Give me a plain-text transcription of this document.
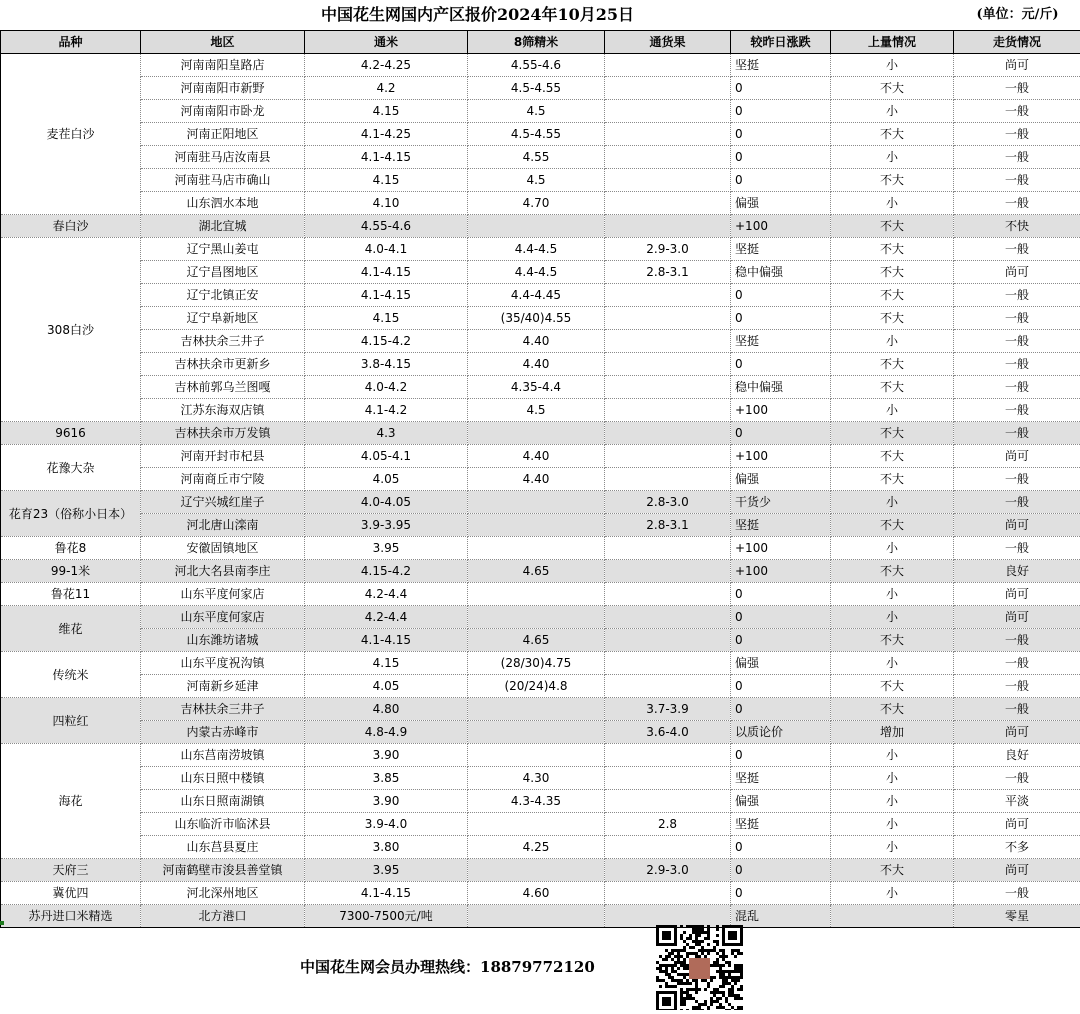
中国花生网国内产区报价2024年10月25日	(单位：元/斤)
品种	地区	通米	8筛精米	通货果	较昨日涨跌	上量情况	走货情况
麦茬白沙	河南南阳皇路店	4.2-4.25	4.55-4.6		坚挺	小	尚可
	河南南阳市新野	4.2	4.5-4.55		0	不大	一般
	河南南阳市卧龙	4.15	4.5		0	小	一般
	河南正阳地区	4.1-4.25	4.5-4.55		0	不大	一般
	河南驻马店汝南县	4.1-4.15	4.55		0	小	一般
	河南驻马店市确山	4.15	4.5		0	不大	一般
	山东泗水本地	4.10	4.70		偏强	小	一般
春白沙	湖北宜城	4.55-4.6			+100	不大	不快
308白沙	辽宁黑山姜屯	4.0-4.1	4.4-4.5	2.9-3.0	坚挺	不大	一般
	辽宁昌图地区	4.1-4.15	4.4-4.5	2.8-3.1	稳中偏强	不大	尚可
	辽宁北镇正安	4.1-4.15	4.4-4.45		0	不大	一般
	辽宁阜新地区	4.15	(35/40)4.55		0	不大	一般
	吉林扶余三井子	4.15-4.2	4.40		坚挺	小	一般
	吉林扶余市更新乡	3.8-4.15	4.40		0	不大	一般
	吉林前郭乌兰图嘎	4.0-4.2	4.35-4.4		稳中偏强	不大	一般
	江苏东海双店镇	4.1-4.2	4.5		+100	小	一般
9616	吉林扶余市万发镇	4.3			0	不大	一般
花豫大杂	河南开封市杞县	4.05-4.1	4.40		+100	不大	尚可
	河南商丘市宁陵	4.05	4.40		偏强	不大	一般
花育23（俗称小日本）	辽宁兴城红崖子	4.0-4.05		2.8-3.0	干货少	小	一般
	河北唐山滦南	3.9-3.95		2.8-3.1	坚挺	不大	尚可
鲁花8	安徽固镇地区	3.95			+100	小	一般
99-1米	河北大名县南李庄	4.15-4.2	4.65		+100	不大	良好
鲁花11	山东平度何家店	4.2-4.4			0	小	尚可
维花	山东平度何家店	4.2-4.4			0	小	尚可
	山东潍坊诸城	4.1-4.15	4.65		0	不大	一般
传统米	山东平度祝沟镇	4.15	(28/30)4.75		偏强	小	一般
	河南新乡延津	4.05	(20/24)4.8		0	不大	一般
四粒红	吉林扶余三井子	4.80		3.7-3.9	0	不大	一般
	内蒙古赤峰市	4.8-4.9		3.6-4.0	以质论价	增加	尚可
海花	山东莒南涝坡镇	3.90			0	小	良好
	山东日照中楼镇	3.85	4.30		坚挺	小	一般
	山东日照南湖镇	3.90	4.3-4.35		偏强	小	平淡
	山东临沂市临沭县	3.9-4.0		2.8	坚挺	小	尚可
	山东莒县夏庄	3.80	4.25		0	小	不多
天府三	河南鹤壁市浚县善堂镇	3.95		2.9-3.0	0	不大	尚可
冀优四	河北深州地区	4.1-4.15	4.60		0	小	一般
苏丹进口米精选	北方港口	7300-7500元/吨			混乱		零星
中国花生网会员办理热线：18879772120
